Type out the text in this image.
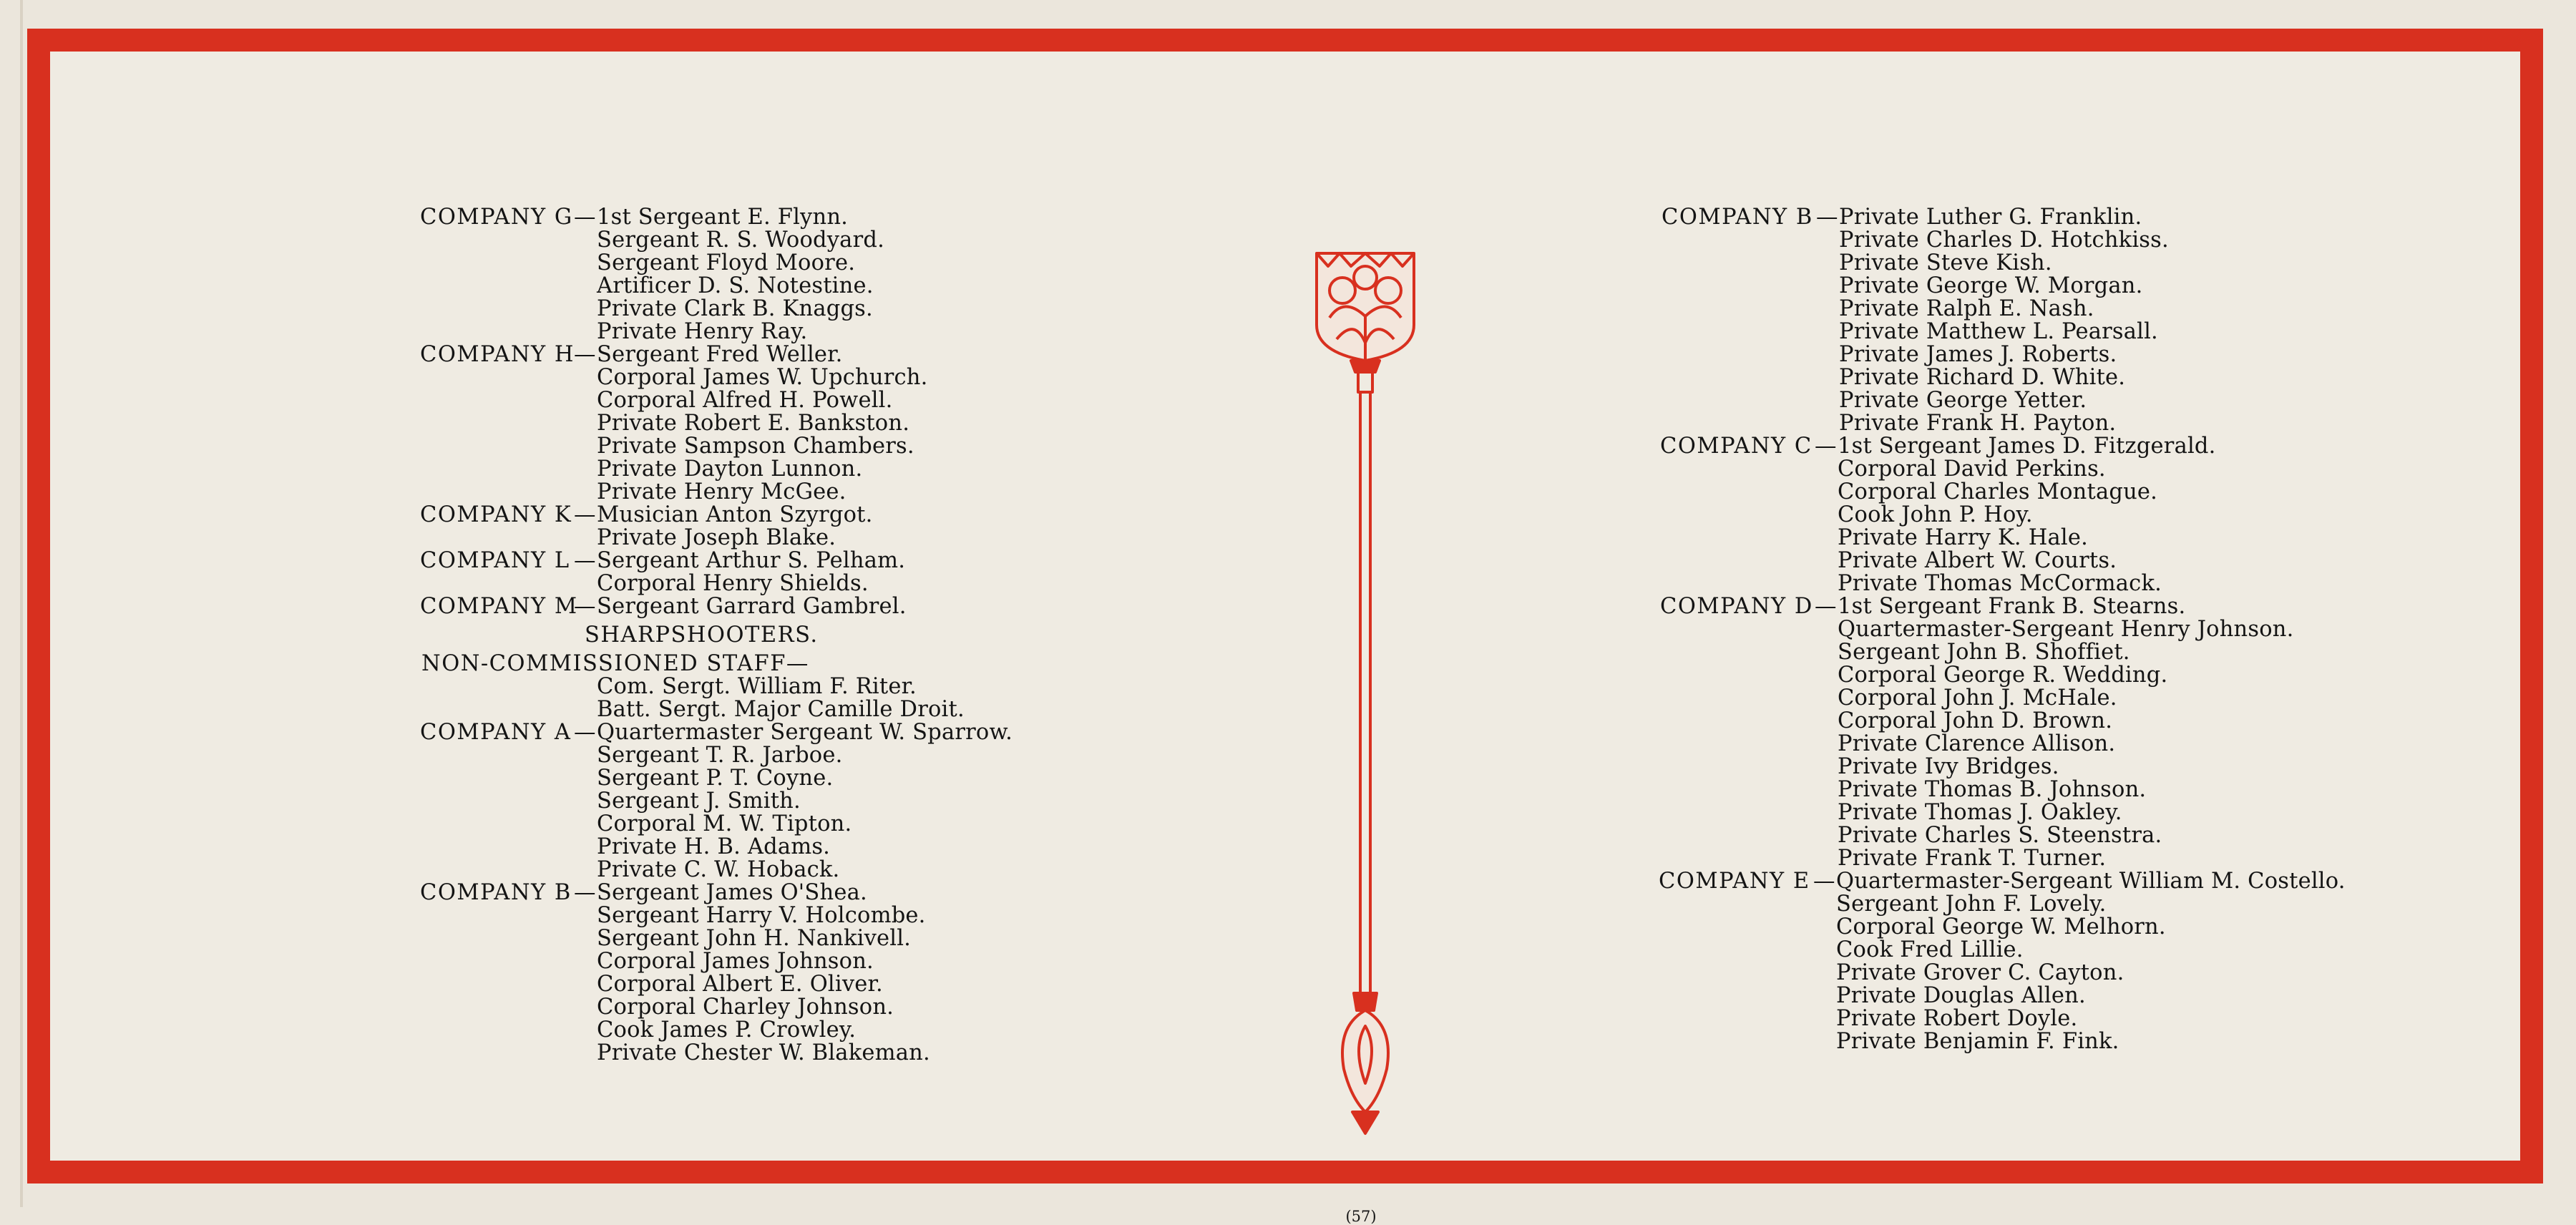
COMPANY G — 1st Sergeant E. Flynn.
Sergeant R. S. Woodyard.
Sergeant Floyd Moore.
Artificer D. S. Notestine.
Private Clark B. Knaggs.
Private Henry Ray.
COMPANY H — Sergeant Fred Weller.
Corporal James W. Upchurch.
Corporal Alfred H. Powell.
Private Robert E. Bankston.
Private Sampson Chambers.
Private Dayton Lunnon.
Private Henry McGee.
COMPANY K — Musician Anton Szyrgot.
Private Joseph Blake.
COMPANY L — Sergeant Arthur S. Pelham.
Corporal Henry Shields.
COMPANY M
— Sergeant Garrard Gambrel.
SHARPSHOOTERS.
NON-COMMISSIONED STAFF—
Com. Sergt. William F. Riter.
Batt. Sergt. Major Camille Droit.
COMPANY A — Quartermaster Sergeant W. Sparrow.
Sergeant T. R. Jarboe.
Sergeant P. T. Coyne.
Sergeant J. Smith.
Corporal M. W. Tipton.
Private H. B. Adams.
Private C. W. Hoback.
COMPANY B — Sergeant James O'Shea.
Sergeant Harry V. Holcombe.
Sergeant John H. Nankivell.
Corporal James Johnson.
Corporal Albert E. Oliver.
Corporal Charley Johnson.
Cook James P. Crowley.
Private Chester W. Blakeman.
COMPANY B — Private Luther G. Franklin.
Private Charles D. Hotchkiss.
Private Steve Kish.
Private George W. Morgan.
Private Ralph E. Nash.
Private Matthew L. Pearsall.
Private James J. Roberts.
Private Richard D. White.
Private George Yetter.
Private Frank H. Payton.
COMPANY C — 1st Sergeant James D. Fitzgerald.
Corporal David Perkins.
Corporal Charles Montague.
Cook John P. Hoy.
Private Harry K. Hale.
Private Albert W. Courts.
Private Thomas McCormack.
COMPANY D — 1st Sergeant Frank B. Stearns.
Quartermaster-Sergeant Henry Johnson.
Sergeant John B. Shoffiet.
Corporal George R. Wedding.
Corporal John J. McHale.
Corporal John D. Brown.
Private Clarence Allison.
Private Ivy Bridges.
Private Thomas B. Johnson.
Private Thomas J. Oakley.
Private Charles S. Steenstra.
Private Frank T. Turner.
COMPANY E — Quartermaster-Sergeant William M. Costello.
Sergeant John F. Lovely.
Corporal George W. Melhorn.
Cook Fred Lillie.
Private Grover C. Cayton.
Private Douglas Allen.
Private Robert Doyle.
Private Benjamin F. Fink.
(57)
